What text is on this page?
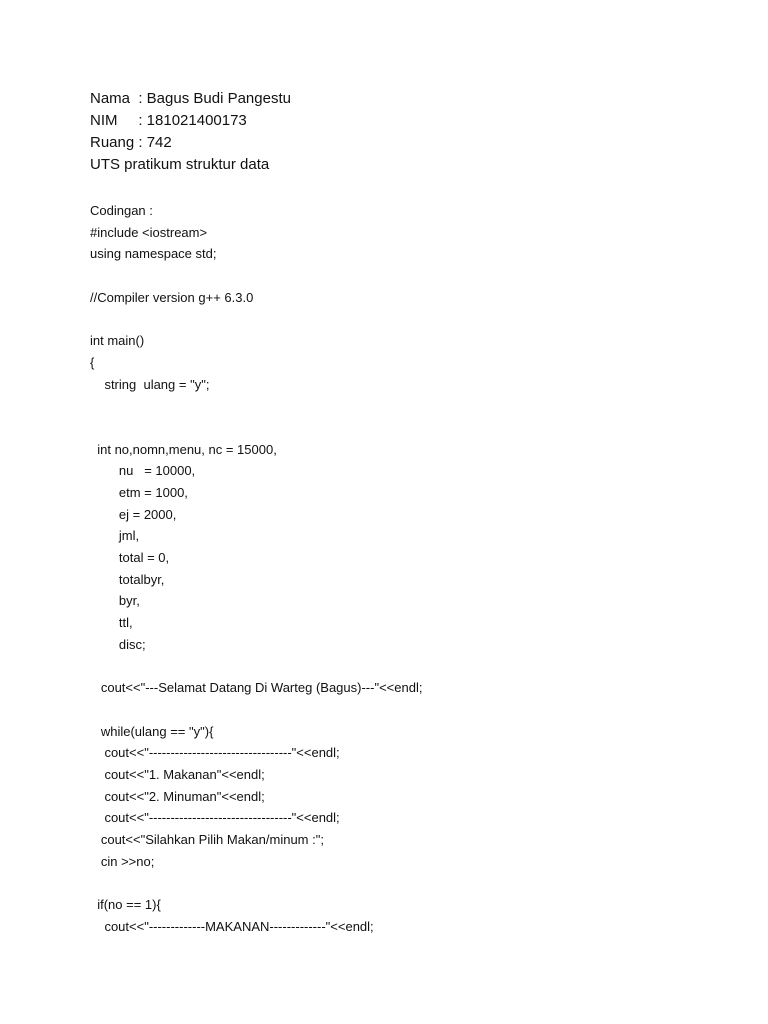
Nama  : Bagus Budi Pangestu
NIM     : 181021400173
Ruang : 742
UTS pratikum struktur data
Codingan :
#include <iostream>
using namespace std;
//Compiler version g++ 6.3.0
int main()
{
string  ulang = "y";
int no,nomn,menu, nc = 15000,
nu   = 10000,
etm = 1000,
ej = 2000,
jml,
total = 0,
totalbyr,
byr,
ttl,
disc;
cout<<"---Selamat Datang Di Warteg (Bagus)---"<<endl;
while(ulang == "y"){
cout<<"---------------------------------"<<endl;
cout<<"1. Makanan"<<endl;
cout<<"2. Minuman"<<endl;
cout<<"---------------------------------"<<endl;
cout<<"Silahkan Pilih Makan/minum :";
cin >>no;
if(no == 1){
cout<<"-------------MAKANAN-------------"<<endl;
